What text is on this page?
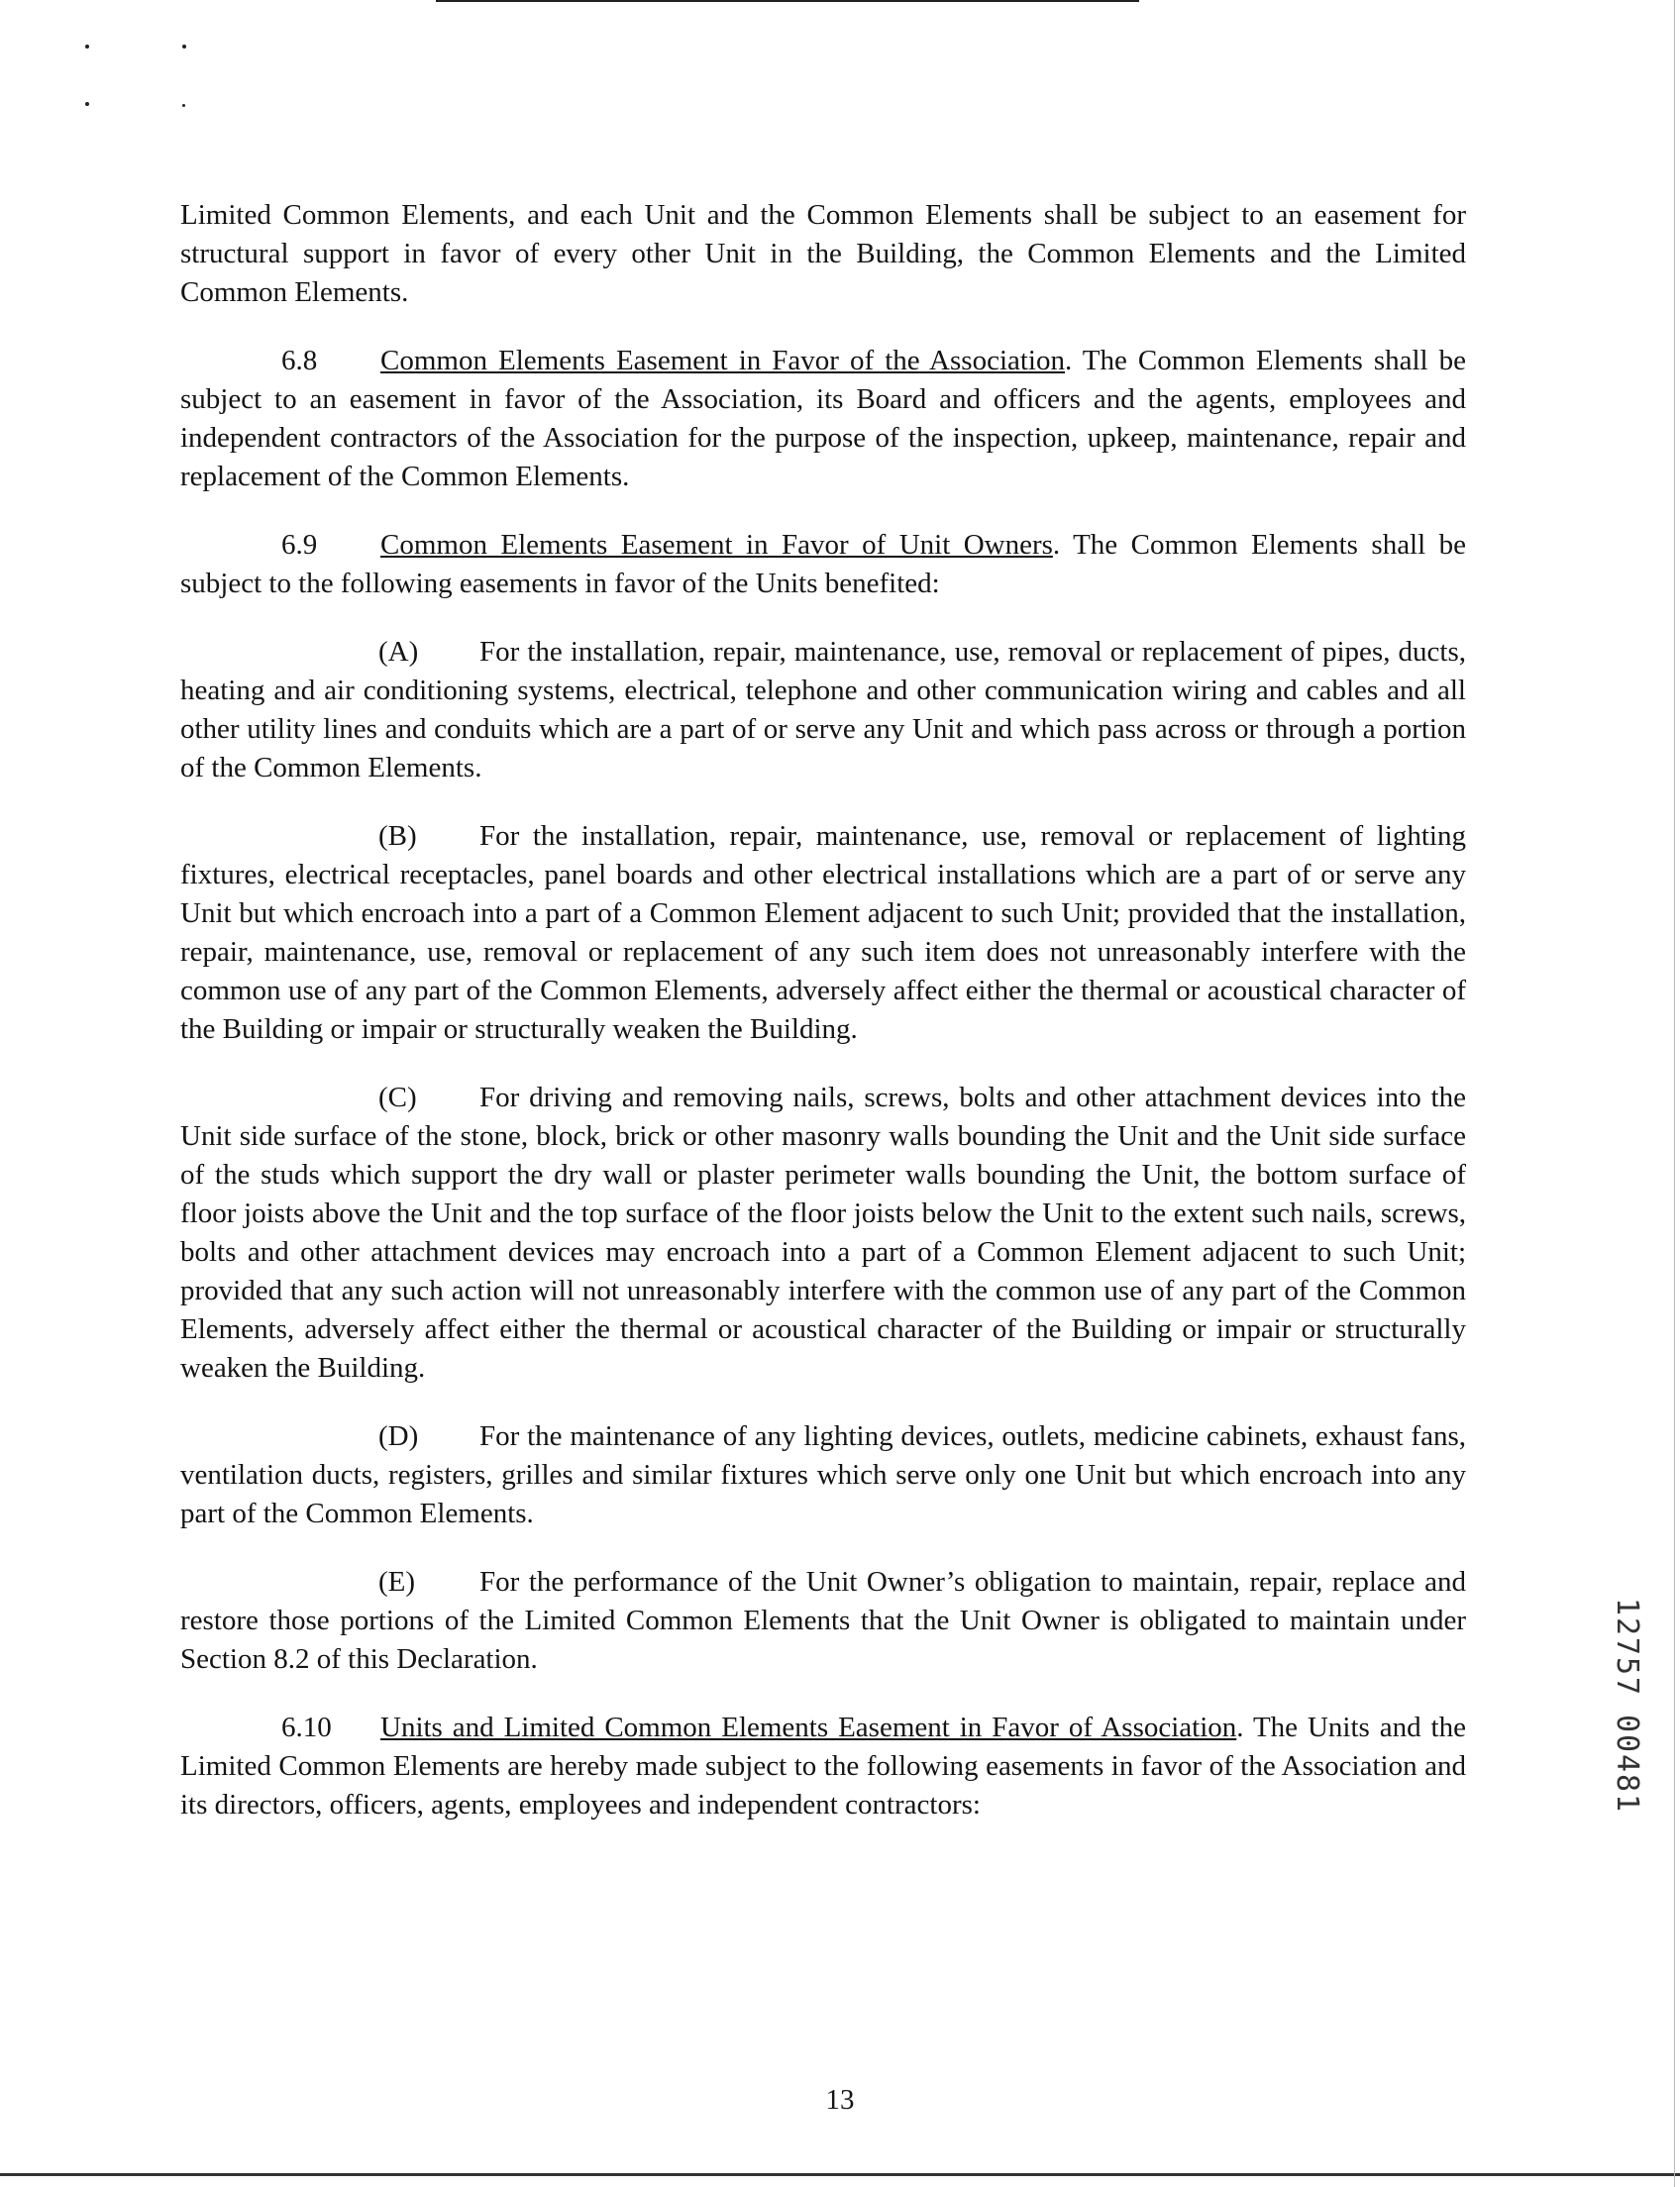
Limited Common Elements, and each Unit and the Common Elements shall be subject to an easement for structural support in favor of every other Unit in the Building, the Common Elements and the Limited Common Elements.

6.8 Common Elements Easement in Favor of the Association. The Common Elements shall be subject to an easement in favor of the Association, its Board and officers and the agents, employees and independent contractors of the Association for the purpose of the inspection, upkeep, maintenance, repair and replacement of the Common Elements.

6.9 Common Elements Easement in Favor of Unit Owners. The Common Elements shall be subject to the following easements in favor of the Units benefited:

(A) For the installation, repair, maintenance, use, removal or replacement of pipes, ducts, heating and air conditioning systems, electrical, telephone and other communication wiring and cables and all other utility lines and conduits which are a part of or serve any Unit and which pass across or through a portion of the Common Elements.

(B) For the installation, repair, maintenance, use, removal or replacement of lighting fixtures, electrical receptacles, panel boards and other electrical installations which are a part of or serve any Unit but which encroach into a part of a Common Element adjacent to such Unit; provided that the installation, repair, maintenance, use, removal or replacement of any such item does not unreasonably interfere with the common use of any part of the Common Elements, adversely affect either the thermal or acoustical character of the Building or impair or structurally weaken the Building.

(C) For driving and removing nails, screws, bolts and other attachment devices into the Unit side surface of the stone, block, brick or other masonry walls bounding the Unit and the Unit side surface of the studs which support the dry wall or plaster perimeter walls bounding the Unit, the bottom surface of floor joists above the Unit and the top surface of the floor joists below the Unit to the extent such nails, screws, bolts and other attachment devices may encroach into a part of a Common Element adjacent to such Unit; provided that any such action will not unreasonably interfere with the common use of any part of the Common Elements, adversely affect either the thermal or acoustical character of the Building or impair or structurally weaken the Building.

(D) For the maintenance of any lighting devices, outlets, medicine cabinets, exhaust fans, ventilation ducts, registers, grilles and similar fixtures which serve only one Unit but which encroach into any part of the Common Elements.

(E) For the performance of the Unit Owner’s obligation to maintain, repair, replace and restore those portions of the Limited Common Elements that the Unit Owner is obligated to maintain under Section 8.2 of this Declaration.

6.10 Units and Limited Common Elements Easement in Favor of Association. The Units and the Limited Common Elements are hereby made subject to the following easements in favor of the Association and its directors, officers, agents, employees and independent contractors:

13
1
2
7
5
7
0
0
4
8
1
